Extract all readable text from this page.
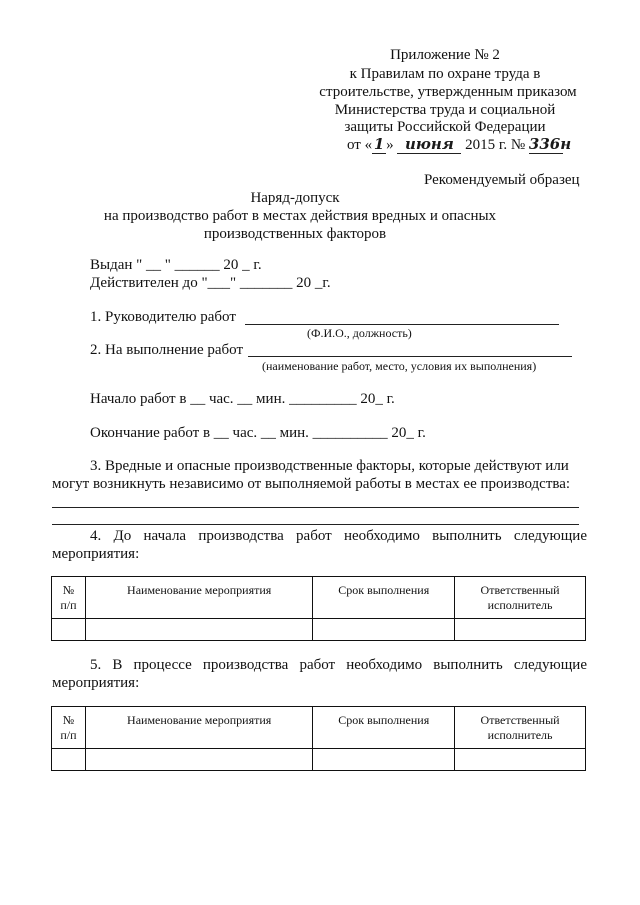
Приложение № 2
к Правилам по охране труда в
строительстве, утвержденным приказом
Министерства труда и социальной
защиты Российской Федерации
от « 1 » июня 2015 г. № 336н
Рекомендуемый образец
Наряд-допуск
на производство работ в местах действия вредных и опасных
производственных факторов
Выдан " __ " ______ 20 _ г.
Действителен до "___" _______ 20 _г.
1. Руководителю работ
(Ф.И.О., должность)
2. На выполнение работ
(наименование работ, место, условия их выполнения)
Начало работ в __ час. __ мин. _________ 20_ г.
Окончание работ в __ час. __ мин. __________ 20_ г.
3. Вредные и опасные производственные факторы, которые действуют или
могут возникнуть независимо от выполняемой работы в местах ее производства:
4. До начала производства работ необходимо выполнить следующие
мероприятия:
№
п/п	Наименование мероприятия	Срок выполнения	Ответственный
исполнитель

5. В процессе производства работ необходимо выполнить следующие
мероприятия:
№
п/п	Наименование мероприятия	Срок выполнения	Ответственный
исполнитель
